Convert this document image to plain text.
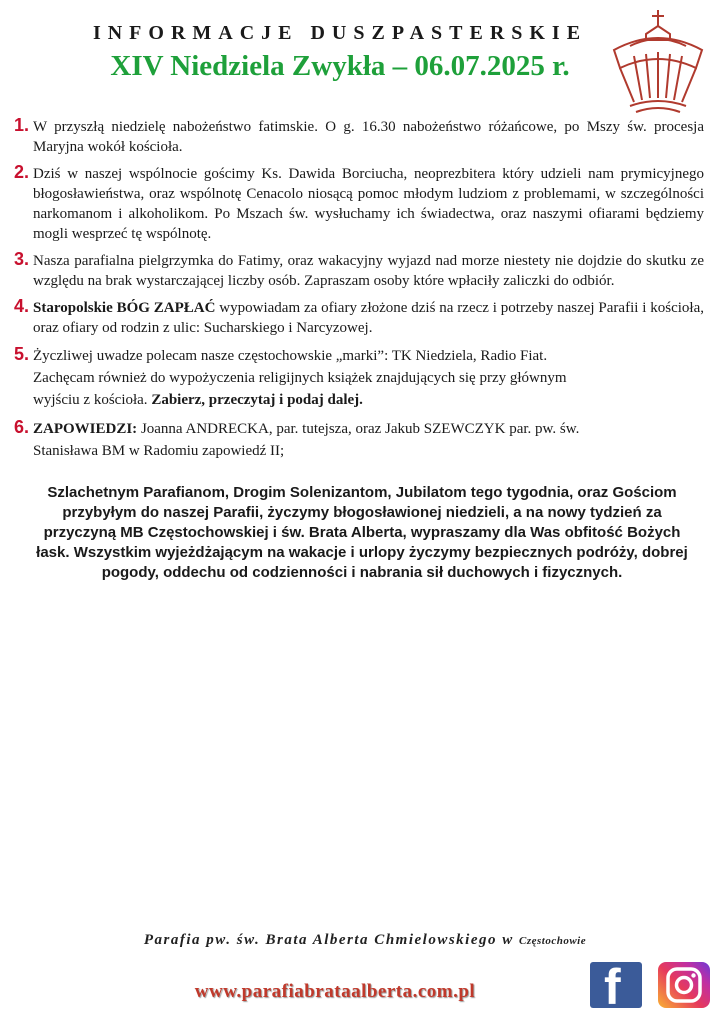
INFORMACJE DUSZPASTERSKIE
XIV Niedziela Zwykła – 06.07.2025 r.
1. W przyszłą niedzielę nabożeństwo fatimskie. O g. 16.30 nabożeństwo różańcowe, po Mszy św. procesja Maryjna wokół kościoła.
2. Dziś w naszej wspólnocie gościmy Ks. Dawida Borciucha, neoprezbitera który udzieli nam prymicyjnego błogosławieństwa, oraz wspólnotę Cenacolo niosącą pomoc młodym ludziom z problemami, w szczególności narkomanom i alkoholikom. Po Mszach św. wysłuchamy ich świadectwa, oraz naszymi ofiarami będziemy mogli wesprzeć tę wspólnotę.
3. Nasza parafialna pielgrzymka do Fatimy, oraz wakacyjny wyjazd nad morze niestety nie dojdzie do skutku ze względu na brak wystarczającej liczby osób. Zapraszam osoby które wpłaciły zaliczki do odbiór.
4. Staropolskie BÓG ZAPŁAĆ wypowiadam za ofiary złożone dziś na rzecz i potrzeby naszej Parafii i kościoła, oraz ofiary od rodzin z ulic: Sucharskiego i Narcyzowej.
5. Życzliwej uwadze polecam nasze częstochowskie „marki”: TK Niedziela, Radio Fiat.
Zachęcam również do wypożyczenia religijnych książek znajdujących się przy głównym
wyjściu z kościoła. Zabierz, przeczytaj i podaj dalej.
6. ZAPOWIEDZI: Joanna ANDRECKA, par. tutejsza, oraz Jakub SZEWCZYK par. pw. św.
Stanisława BM w Radomiu zapowiedź II;
Szlachetnym Parafianom, Drogim Solenizantom, Jubilatom tego tygodnia, oraz Gościom przybyłym do naszej Parafii, życzymy błogosławionej niedzieli, a na nowy tydzień za przyczyną MB Częstochowskiej i św. Brata Alberta, wypraszamy dla Was obfitość Bożych łask. Wszystkim wyjeżdżającym na wakacje i urlopy życzymy bezpiecznych podróży, dobrej pogody, oddechu od codzienności i nabrania sił duchowych i fizycznych.
Parafia pw. św. Brata Alberta Chmielowskiego w Częstochowie
www.parafiabrataalberta.com.pl	f
